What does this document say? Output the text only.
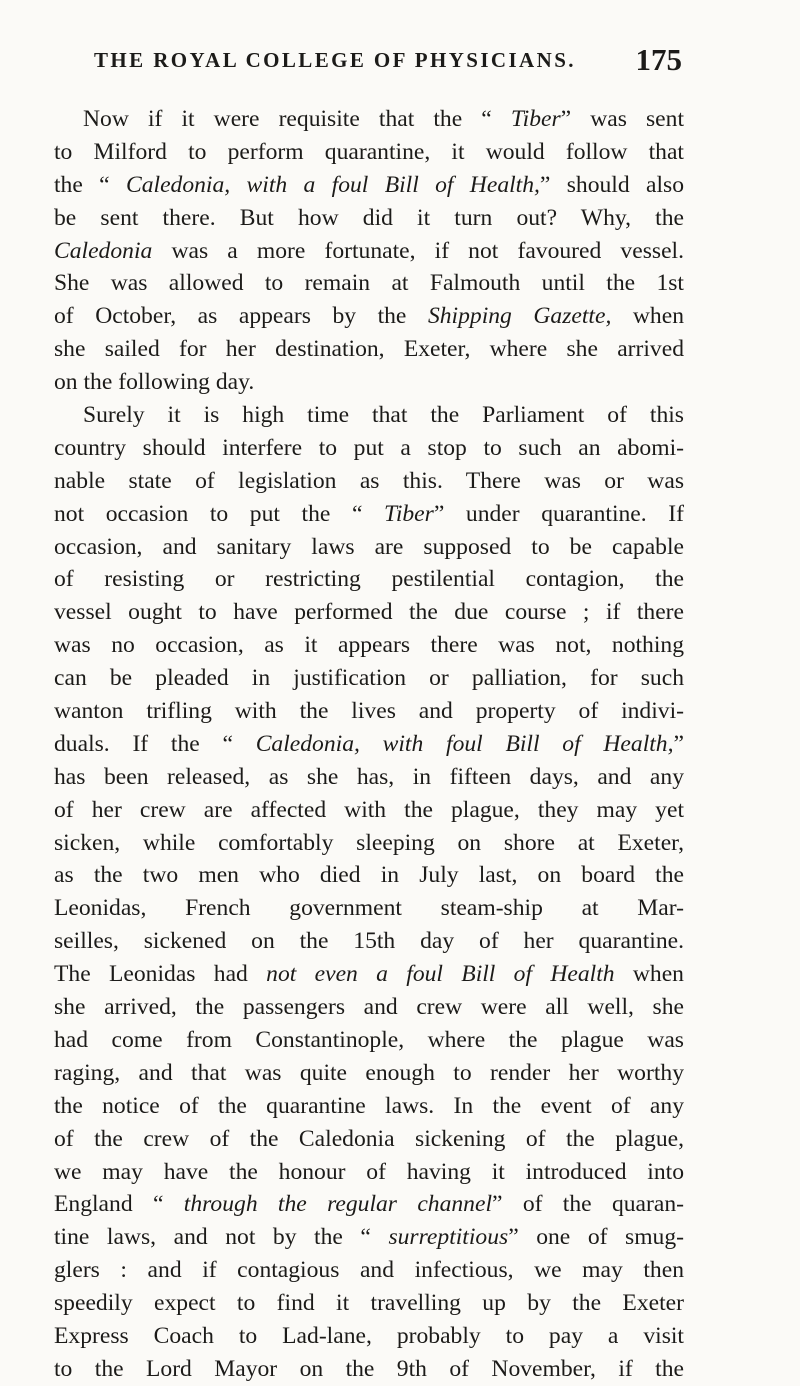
THE ROYAL COLLEGE OF PHYSICIANS. 175
Now if it were requisite that the “ Tiber” was sent
to Milford to perform quarantine, it would follow that
the “ Caledonia, with a foul Bill of Health,” should also
be sent there. But how did it turn out? Why, the
Caledonia was a more fortunate, if not favoured vessel.
She was allowed to remain at Falmouth until the 1st
of October, as appears by the Shipping Gazette, when
she sailed for her destination, Exeter, where she arrived
on the following day.
Surely it is high time that the Parliament of this
country should interfere to put a stop to such an abomi-
nable state of legislation as this. There was or was
not occasion to put the “ Tiber” under quarantine. If
occasion, and sanitary laws are supposed to be capable
of resisting or restricting pestilential contagion, the
vessel ought to have performed the due course ; if there
was no occasion, as it appears there was not, nothing
can be pleaded in justification or palliation, for such
wanton trifling with the lives and property of indivi-
duals. If the “ Caledonia, with foul Bill of Health,”
has been released, as she has, in fifteen days, and any
of her crew are affected with the plague, they may yet
sicken, while comfortably sleeping on shore at Exeter,
as the two men who died in July last, on board the
Leonidas, French government steam-ship at Mar-
seilles, sickened on the 15th day of her quarantine.
The Leonidas had not even a foul Bill of Health when
she arrived, the passengers and crew were all well, she
had come from Constantinople, where the plague was
raging, and that was quite enough to render her worthy
the notice of the quarantine laws. In the event of any
of the crew of the Caledonia sickening of the plague,
we may have the honour of having it introduced into
England “ through the regular channel” of the quaran-
tine laws, and not by the “ surreptitious” one of smug-
glers : and if contagious and infectious, we may then
speedily expect to find it travelling up by the Exeter
Express Coach to Lad-lane, probably to pay a visit
to the Lord Mayor on the 9th of November, if the
